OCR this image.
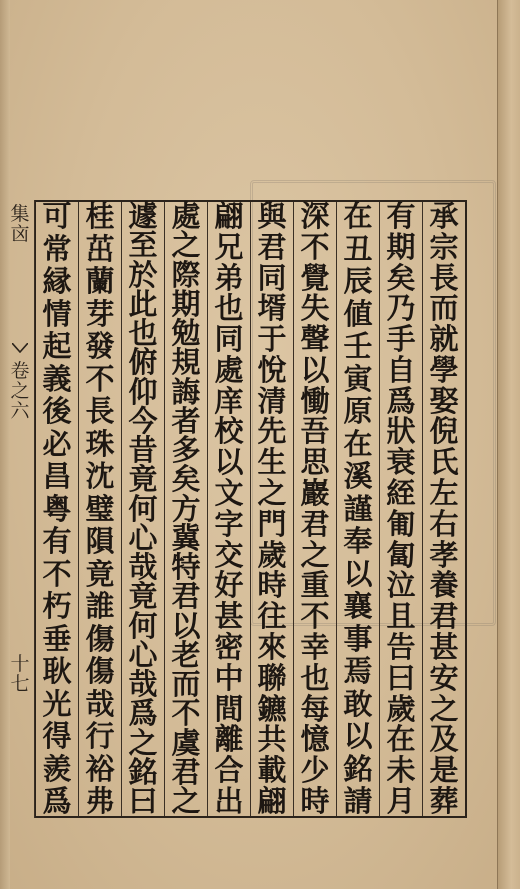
集
㐫
卷
之
六
十
七
承
宗
長
而
就
學
娶
倪
氏
左
右
孝
養
君
甚
安
之
及
是
葬
有
期
矣
乃
手
自
爲
狀
衰
絰
匍
匐
泣
且
告
曰
歲
在
未
月
在
丑
辰
値
壬
寅
原
在
溪
謹
奉
以
襄
事
焉
敢
以
銘
請
深
不
覺
失
聲
以
慟
吾
思
巖
君
之
重
不
幸
也
每
憶
少
時
與
君
同
壻
于
悅
清
先
生
之
門
歲
時
往
來
聯
鑣
共
載
翩
翩
兄
弟
也
同
處
庠
校
以
文
字
交
好
甚
密
中
間
離
合
出
處
之
際
期
勉
規
誨
者
多
矣
方
冀
特
君
以
老
而
不
虞
君
之
遽
至
於
此
也
俯
仰
今
昔
竟
何
心
哉
竟
何
心
哉
爲
之
銘
曰
桂
茁
蘭
芽
發
不
長
珠
沈
璧
隕
竟
誰
傷
傷
哉
行
裕
弗
可
常
縁
情
起
義
後
必
昌
粤
有
不
朽
垂
耿
光
得
羨
爲
